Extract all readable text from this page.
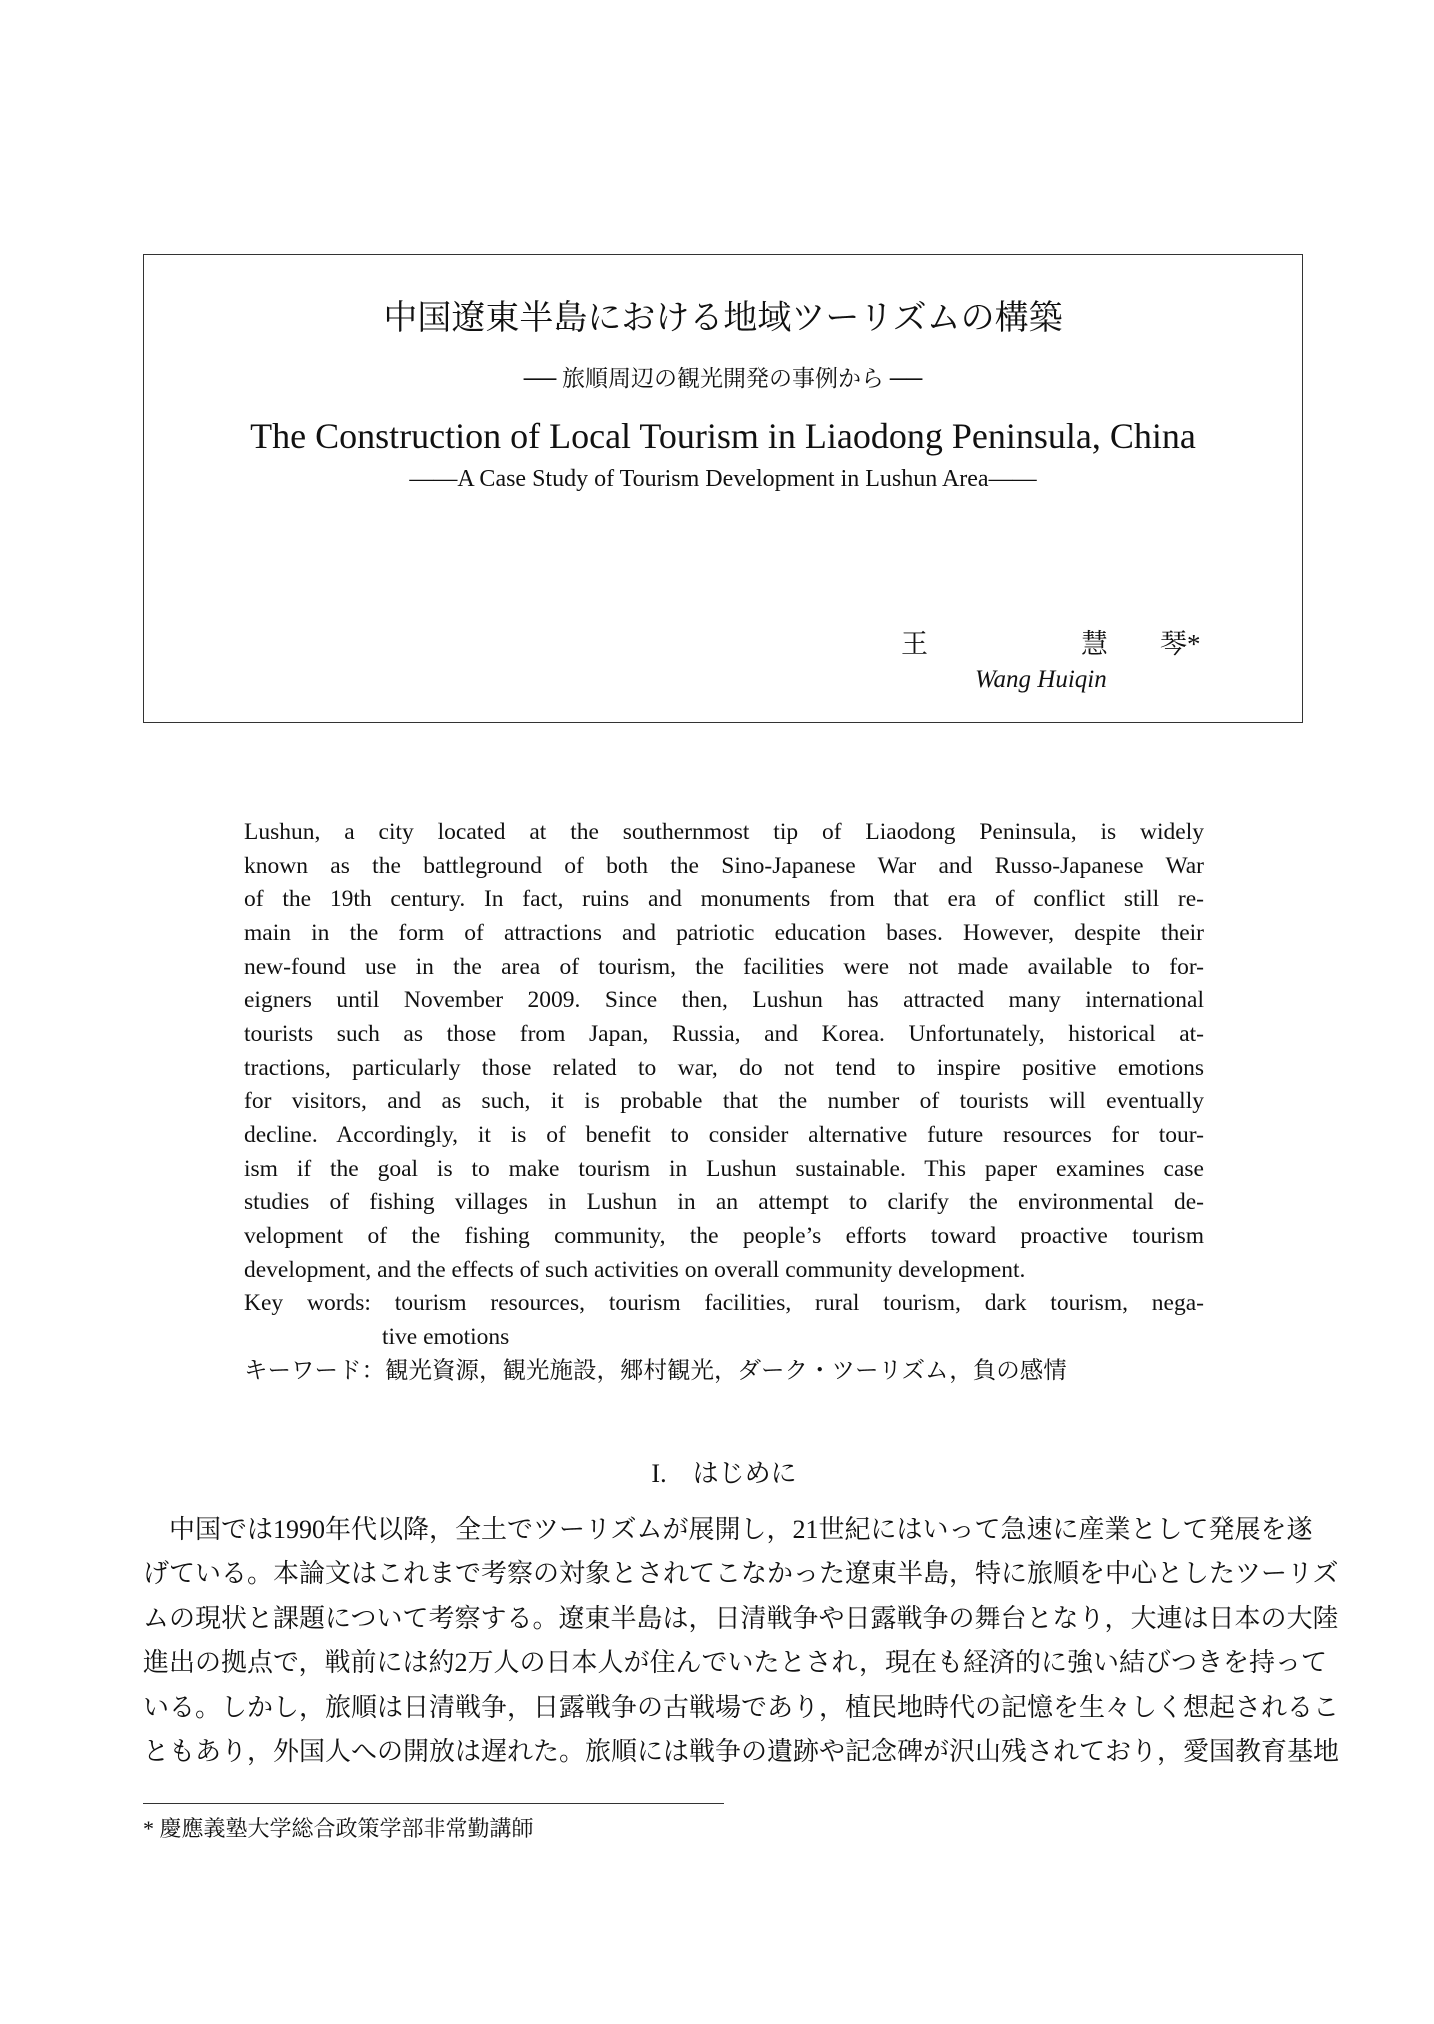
中国遼東半島における地域ツーリズムの構築
── 旅順周辺の観光開発の事例から ──
The Construction of Local Tourism in Liaodong Peninsula, China
——A Case Study of Tourism Development in Lushun Area——
王	慧 琴*
Wang Huiqin
Lushun, a city located at the southernmost tip of Liaodong Peninsula, is widely
known as the battleground of both the Sino-Japanese War and Russo-Japanese War
of the 19th century. In fact, ruins and monuments from that era of conflict still re-
main in the form of attractions and patriotic education bases. However, despite their
new-found use in the area of tourism, the facilities were not made available to for-
eigners until November 2009. Since then, Lushun has attracted many international
tourists such as those from Japan, Russia, and Korea. Unfortunately, historical at-
tractions, particularly those related to war, do not tend to inspire positive emotions
for visitors, and as such, it is probable that the number of tourists will eventually
decline. Accordingly, it is of benefit to consider alternative future resources for tour-
ism if the goal is to make tourism in Lushun sustainable. This paper examines case
studies of fishing villages in Lushun in an attempt to clarify the environmental de-
velopment of the fishing community, the people’s efforts toward proactive tourism
development, and the effects of such activities on overall community development.
Key words: tourism resources, tourism facilities, rural tourism, dark tourism, nega-
tive emotions
キーワード：観光資源，観光施設，郷村観光，ダーク・ツーリズム，負の感情
I.　はじめに
　中国では1990年代以降，全土でツーリズムが展開し，21世紀にはいって急速に産業として発展を遂
げている。本論文はこれまで考察の対象とされてこなかった遼東半島，特に旅順を中心としたツーリズ
ムの現状と課題について考察する。遼東半島は，日清戦争や日露戦争の舞台となり，大連は日本の大陸
進出の拠点で，戦前には約2万人の日本人が住んでいたとされ，現在も経済的に強い結びつきを持って
いる。しかし，旅順は日清戦争，日露戦争の古戦場であり，植民地時代の記憶を生々しく想起されるこ
ともあり，外国人への開放は遅れた。旅順には戦争の遺跡や記念碑が沢山残されており，愛国教育基地
* 慶應義塾大学総合政策学部非常勤講師
